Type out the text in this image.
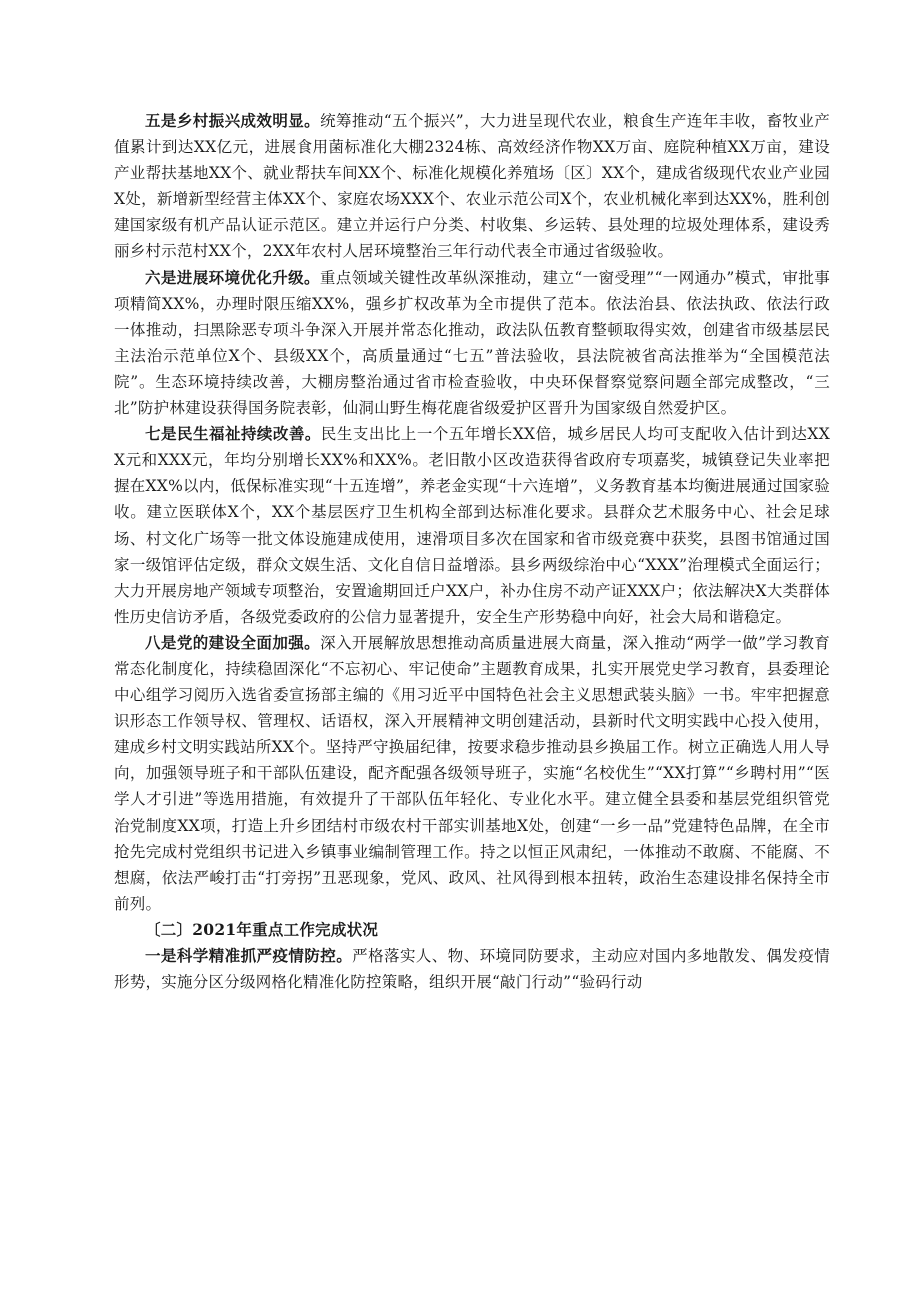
五是乡村振兴成效明显。统筹推动“五个振兴”，大力进呈现代农业，粮食生产连年丰收，畜牧业产值累计到达XX亿元，进展食用菌标准化大棚2324栋、高效经济作物XX万亩、庭院种植XX万亩，建设产业帮扶基地XX个、就业帮扶车间XX个、标准化规模化养殖场〔区〕XX个，建成省级现代农业产业园X处，新增新型经营主体XX个、家庭农场XXX个、农业示范公司X个，农业机械化率到达XX%，胜利创建国家级有机产品认证示范区。建立并运行户分类、村收集、乡运转、县处理的垃圾处理体系，建设秀丽乡村示范村XX个，2XX年农村人居环境整治三年行动代表全市通过省级验收。

六是进展环境优化升级。重点领域关键性改革纵深推动，建立“一窗受理”“一网通办”模式，审批事项精简XX%，办理时限压缩XX%，强乡扩权改革为全市提供了范本。依法治县、依法执政、依法行政一体推动，扫黑除恶专项斗争深入开展并常态化推动，政法队伍教育整顿取得实效，创建省市级基层民主法治示范单位X个、县级XX个，高质量通过“七五”普法验收，县法院被省高法推举为“全国模范法院”。生态环境持续改善，大棚房整治通过省市检查验收，中央环保督察觉察问题全部完成整改，“三北”防护林建设获得国务院表彰，仙洞山野生梅花鹿省级爱护区晋升为国家级自然爱护区。

七是民生福祉持续改善。民生支出比上一个五年增长XX倍，城乡居民人均可支配收入估计到达XXX元和XXX元，年均分别增长XX%和XX%。老旧散小区改造获得省政府专项嘉奖，城镇登记失业率把握在XX%以内，低保标准实现“十五连增”，养老金实现“十六连增”，义务教育基本均衡进展通过国家验收。建立医联体X个，XX个基层医疗卫生机构全部到达标准化要求。县群众艺术服务中心、社会足球场、村文化广场等一批文体设施建成使用，速滑项目多次在国家和省市级竞赛中获奖，县图书馆通过国家一级馆评估定级，群众文娱生活、文化自信日益增添。县乡两级综治中心“XXX”治理模式全面运行；大力开展房地产领域专项整治，安置逾期回迁户XX户，补办住房不动产证XXX户；依法解决X大类群体性历史信访矛盾，各级党委政府的公信力显著提升，安全生产形势稳中向好，社会大局和谐稳定。

八是党的建设全面加强。深入开展解放思想推动高质量进展大商量，深入推动“两学一做”学习教育常态化制度化，持续稳固深化“不忘初心、牢记使命”主题教育成果，扎实开展党史学习教育，县委理论中心组学习阅历入选省委宣扬部主编的《用习近平中国特色社会主义思想武装头脑》一书。牢牢把握意识形态工作领导权、管理权、话语权，深入开展精神文明创建活动，县新时代文明实践中心投入使用，建成乡村文明实践站所XX个。坚持严守换届纪律，按要求稳步推动县乡换届工作。树立正确选人用人导向，加强领导班子和干部队伍建设，配齐配强各级领导班子，实施“名校优生”“XX打算”“乡聘村用”“医学人才引进”等选用措施，有效提升了干部队伍年轻化、专业化水平。建立健全县委和基层党组织管党治党制度XX项，打造上升乡团结村市级农村干部实训基地X处，创建“一乡一品”党建特色品牌，在全市抢先完成村党组织书记进入乡镇事业编制管理工作。持之以恒正风肃纪，一体推动不敢腐、不能腐、不想腐，依法严峻打击“打旁拐”丑恶现象，党风、政风、社风得到根本扭转，政治生态建设排名保持全市前列。

〔二〕2021年重点工作完成状况

一是科学精准抓严疫情防控。严格落实人、物、环境同防要求，主动应对国内多地散发、偶发疫情形势，实施分区分级网格化精准化防控策略，组织开展“敲门行动”“验码行动
